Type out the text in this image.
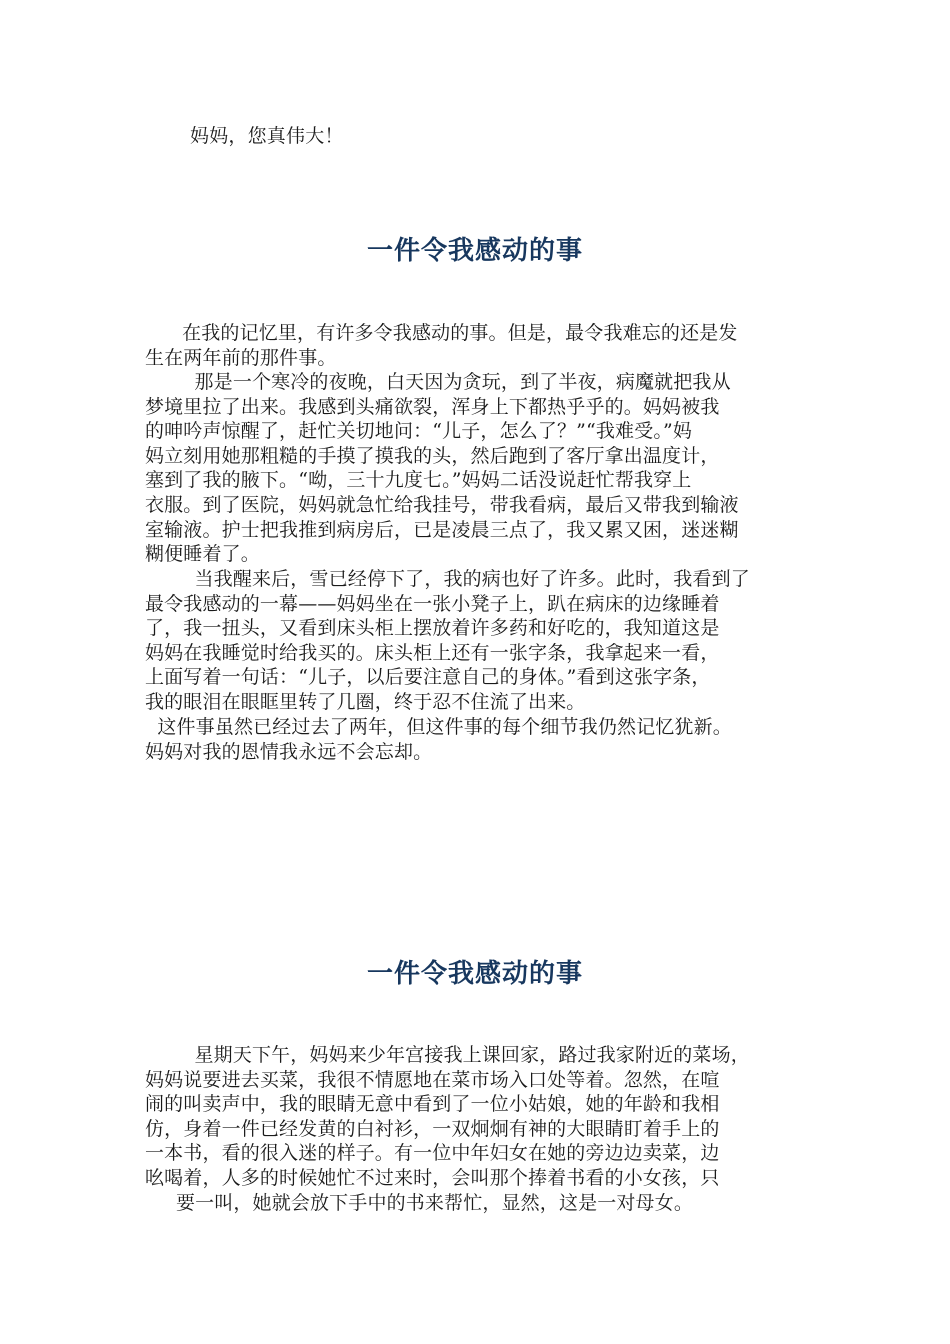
妈妈，您真伟大！
一件令我感动的事
在我的记忆里，有许多令我感动的事。但是，最令我难忘的还是发
生在两年前的那件事。
那是一个寒冷的夜晚，白天因为贪玩，到了半夜，病魔就把我从
梦境里拉了出来。我感到头痛欲裂，浑身上下都热乎乎的。妈妈被我
的呻吟声惊醒了，赶忙关切地问：“儿子，怎么了？”“我难受。”妈
妈立刻用她那粗糙的手摸了摸我的头，然后跑到了客厅拿出温度计，
塞到了我的腋下。“呦，三十九度七。”妈妈二话没说赶忙帮我穿上
衣服。到了医院，妈妈就急忙给我挂号，带我看病，最后又带我到输液
室输液。护士把我推到病房后，已是凌晨三点了，我又累又困，迷迷糊
糊便睡着了。
当我醒来后，雪已经停下了，我的病也好了许多。此时，我看到了
最令我感动的一幕——妈妈坐在一张小凳子上，趴在病床的边缘睡着
了，我一扭头，又看到床头柜上摆放着许多药和好吃的，我知道这是
妈妈在我睡觉时给我买的。床头柜上还有一张字条，我拿起来一看，
上面写着一句话：“儿子，以后要注意自己的身体。”看到这张字条，
我的眼泪在眼眶里转了几圈，终于忍不住流了出来。
这件事虽然已经过去了两年，但这件事的每个细节我仍然记忆犹新。
妈妈对我的恩情我永远不会忘却。
一件令我感动的事
星期天下午，妈妈来少年宫接我上课回家，路过我家附近的菜场，
妈妈说要进去买菜，我很不情愿地在菜市场入口处等着。忽然，在喧
闹的叫卖声中，我的眼睛无意中看到了一位小姑娘，她的年龄和我相
仿，身着一件已经发黄的白衬衫，一双炯炯有神的大眼睛盯着手上的
一本书，看的很入迷的样子。有一位中年妇女在她的旁边边卖菜，边
吆喝着，人多的时候她忙不过来时，会叫那个捧着书看的小女孩，只
要一叫，她就会放下手中的书来帮忙，显然，这是一对母女。
